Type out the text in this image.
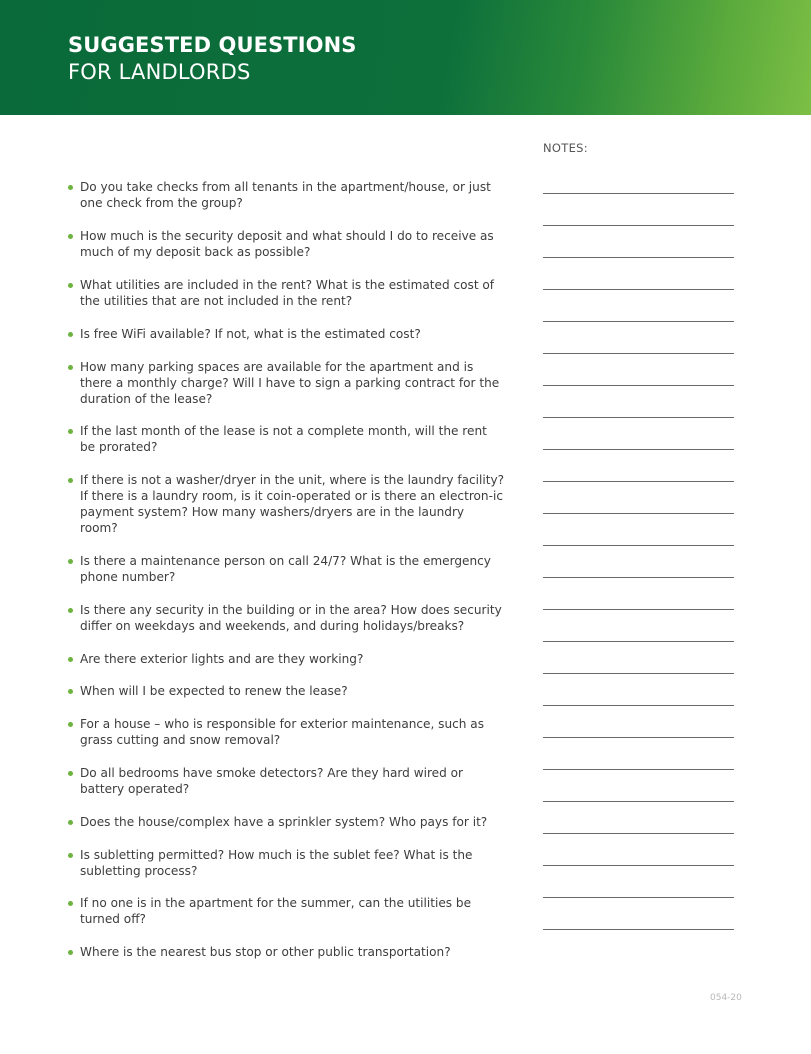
SUGGESTED QUESTIONS
FOR LANDLORDS
NOTES:
Do you take checks from all tenants in the apartment/house, or just one check from the group?
How much is the security deposit and what should I do to receive as much of my deposit back as possible?
What utilities are included in the rent? What is the estimated cost of the utilities that are not included in the rent?
Is free WiFi available? If not, what is the estimated cost?
How many parking spaces are available for the apartment and is there a monthly charge? Will I have to sign a parking contract for the duration of the lease?
If the last month of the lease is not a complete month, will the rent be prorated?
If there is not a washer/dryer in the unit, where is the laundry facility? If there is a laundry room, is it coin-operated or is there an electron-ic payment system? How many washers/dryers are in the laundry room?
Is there a maintenance person on call 24/7? What is the emergency phone number?
Is there any security in the building or in the area? How does security differ on weekdays and weekends, and during holidays/breaks?
Are there exterior lights and are they working?
When will I be expected to renew the lease?
For a house – who is responsible for exterior maintenance, such as grass cutting and snow removal?
Do all bedrooms have smoke detectors? Are they hard wired or battery operated?
Does the house/complex have a sprinkler system? Who pays for it?
Is subletting permitted? How much is the sublet fee? What is the subletting process?
If no one is in the apartment for the summer, can the utilities be turned off?
Where is the nearest bus stop or other public transportation?
054-20
